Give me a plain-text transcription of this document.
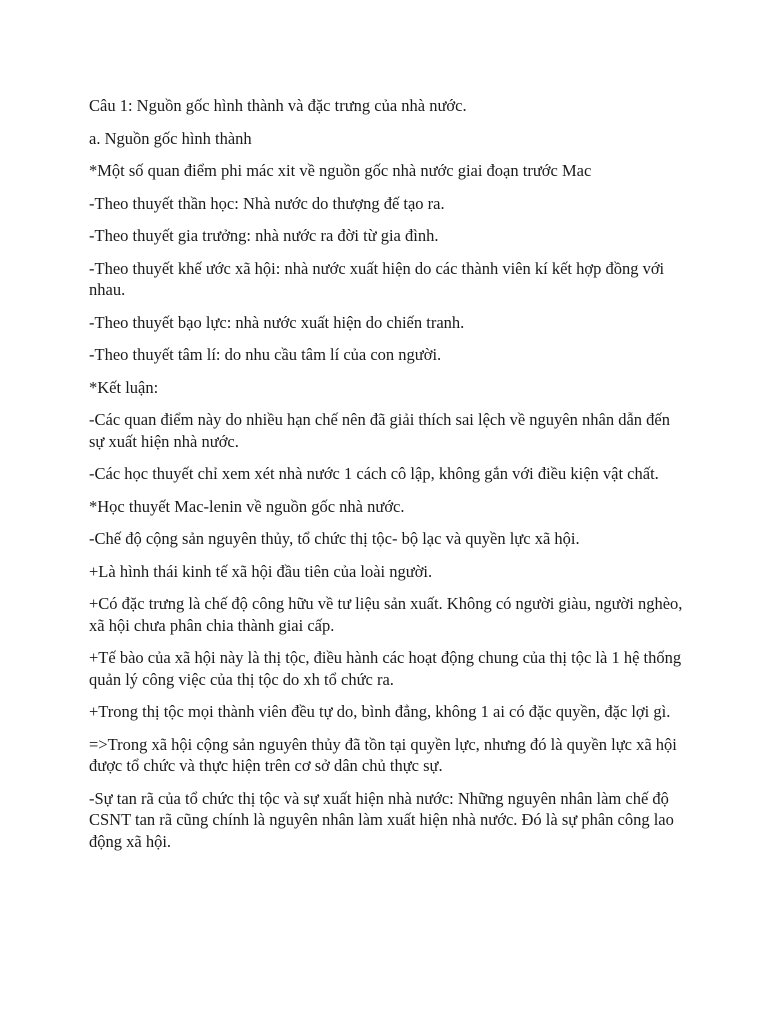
Câu 1: Nguồn gốc hình thành và đặc trưng của nhà nước.

a. Nguồn gốc hình thành

*Một số quan điểm phi mác xit về nguồn gốc nhà nước giai đoạn trước Mac

-Theo thuyết thần học: Nhà nước do thượng đế tạo ra.

-Theo thuyết gia trưởng: nhà nước ra đời từ gia đình.

-Theo thuyết khế ước xã hội: nhà nước xuất hiện do các thành viên kí kết hợp đồng với nhau.

-Theo thuyết bạo lực: nhà nước xuất hiện do chiến tranh.

-Theo thuyết tâm lí: do nhu cầu tâm lí của con người.

*Kết luận:

-Các quan điểm này do nhiều hạn chế nên đã giải thích sai lệch về nguyên nhân dẫn đến sự xuất hiện nhà nước.

-Các học thuyết chỉ xem xét nhà nước 1 cách cô lập, không gắn với điều kiện vật chất.

*Học thuyết Mac-lenin về nguồn gốc nhà nước.

-Chế độ cộng sản nguyên thủy, tổ chức thị tộc- bộ lạc và quyền lực xã hội.

+Là hình thái kinh tế xã hội đầu tiên của loài người.

+Có đặc trưng là chế độ công hữu về tư liệu sản xuất. Không có người giàu, người nghèo, xã hội chưa phân chia thành giai cấp.

+Tế bào của xã hội này là thị tộc, điều hành các hoạt động chung của thị tộc là 1 hệ thống quản lý công việc của thị tộc do xh tổ chức ra.

+Trong thị tộc mọi thành viên đều tự do, bình đẳng, không 1 ai có đặc quyền, đặc lợi gì.

=>Trong xã hội cộng sản nguyên thủy đã tồn tại quyền lực, nhưng đó là quyền lực xã hội được tổ chức và thực hiện trên cơ sở dân chủ thực sự.

-Sự tan rã của tổ chức thị tộc và sự xuất hiện nhà nước: Những nguyên nhân làm chế độ CSNT tan rã cũng chính là nguyên nhân làm xuất hiện nhà nước. Đó là sự phân công lao động xã hội.
